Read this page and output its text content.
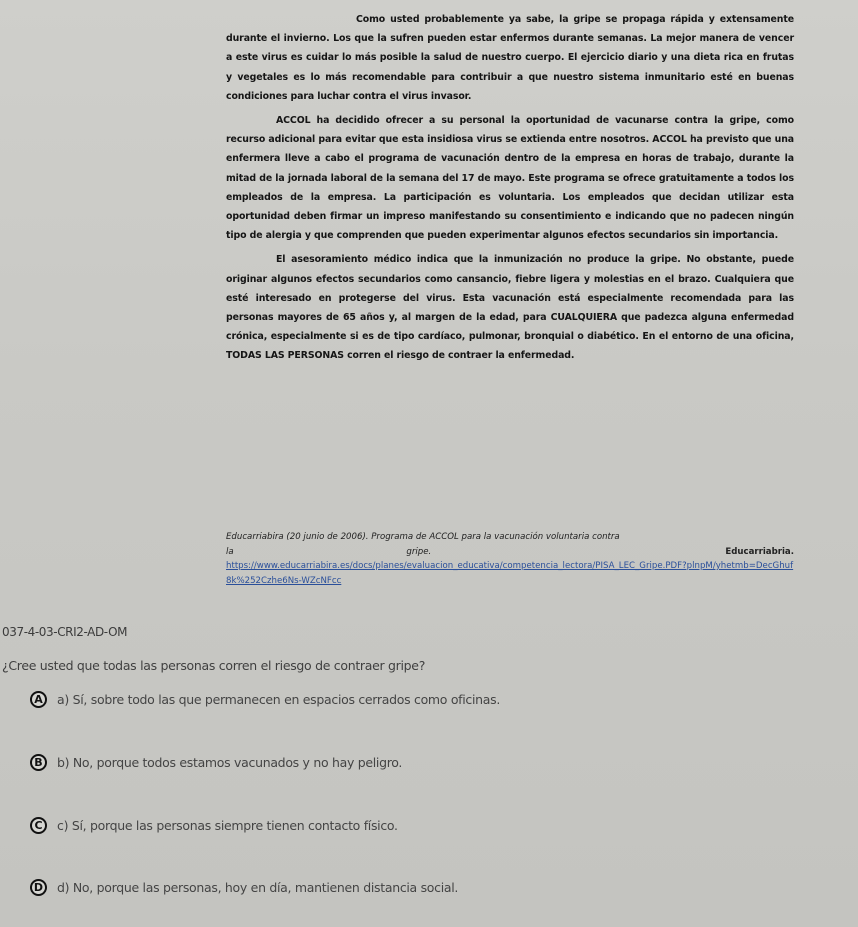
Como usted probablemente ya sabe, la gripe se propaga rápida y extensamente durante el invierno. Los que la sufren pueden estar enfermos durante semanas. La mejor manera de vencer a este virus es cuidar lo más posible la salud de nuestro cuerpo. El ejercicio diario y una dieta rica en frutas y vegetales es lo más recomendable para contribuir a que nuestro sistema inmunitario esté en buenas condiciones para luchar contra el virus invasor.

ACCOL ha decidido ofrecer a su personal la oportunidad de vacunarse contra la gripe, como recurso adicional para evitar que esta insidiosa virus se extienda entre nosotros. ACCOL ha previsto que una enfermera lleve a cabo el programa de vacunación dentro de la empresa en horas de trabajo, durante la mitad de la jornada laboral de la semana del 17 de mayo. Este programa se ofrece gratuitamente a todos los empleados de la empresa. La participación es voluntaria. Los empleados que decidan utilizar esta oportunidad deben firmar un impreso manifestando su consentimiento e indicando que no padecen ningún tipo de alergia y que comprenden que pueden experimentar algunos efectos secundarios sin importancia.

El asesoramiento médico indica que la inmunización no produce la gripe. No obstante, puede originar algunos efectos secundarios como cansancio, fiebre ligera y molestias en el brazo. Cualquiera que esté interesado en protegerse del virus. Esta vacunación está especialmente recomendada para las personas mayores de 65 años y, al margen de la edad, para CUALQUIERA que padezca alguna enfermedad crónica, especialmente si es de tipo cardíaco, pulmonar, bronquial o diabético. En el entorno de una oficina, TODAS LAS PERSONAS corren el riesgo de contraer la enfermedad.

Educarriabira (20 junio de 2006). Programa de ACCOL para la vacunación voluntaria contra
la	Educarriabria.
gripe.
https://www.educarriabira.es/docs/planes/evaluacion_educativa/competencia_lectora/PISA_LEC_Gripe.PDF?plnpM/yhetmb=DecGhuf8k%252Czhe6Ns-WZcNFcc
037-4-03-CRI2-AD-OM
¿Cree usted que todas las personas corren el riesgo de contraer gripe?
A	a) Sí, sobre todo las que permanecen en espacios cerrados como oficinas.
B	b) No, porque todos estamos vacunados y no hay peligro.
C	c) Sí, porque las personas siempre tienen contacto físico.
D	d) No, porque las personas, hoy en día, mantienen distancia social.
